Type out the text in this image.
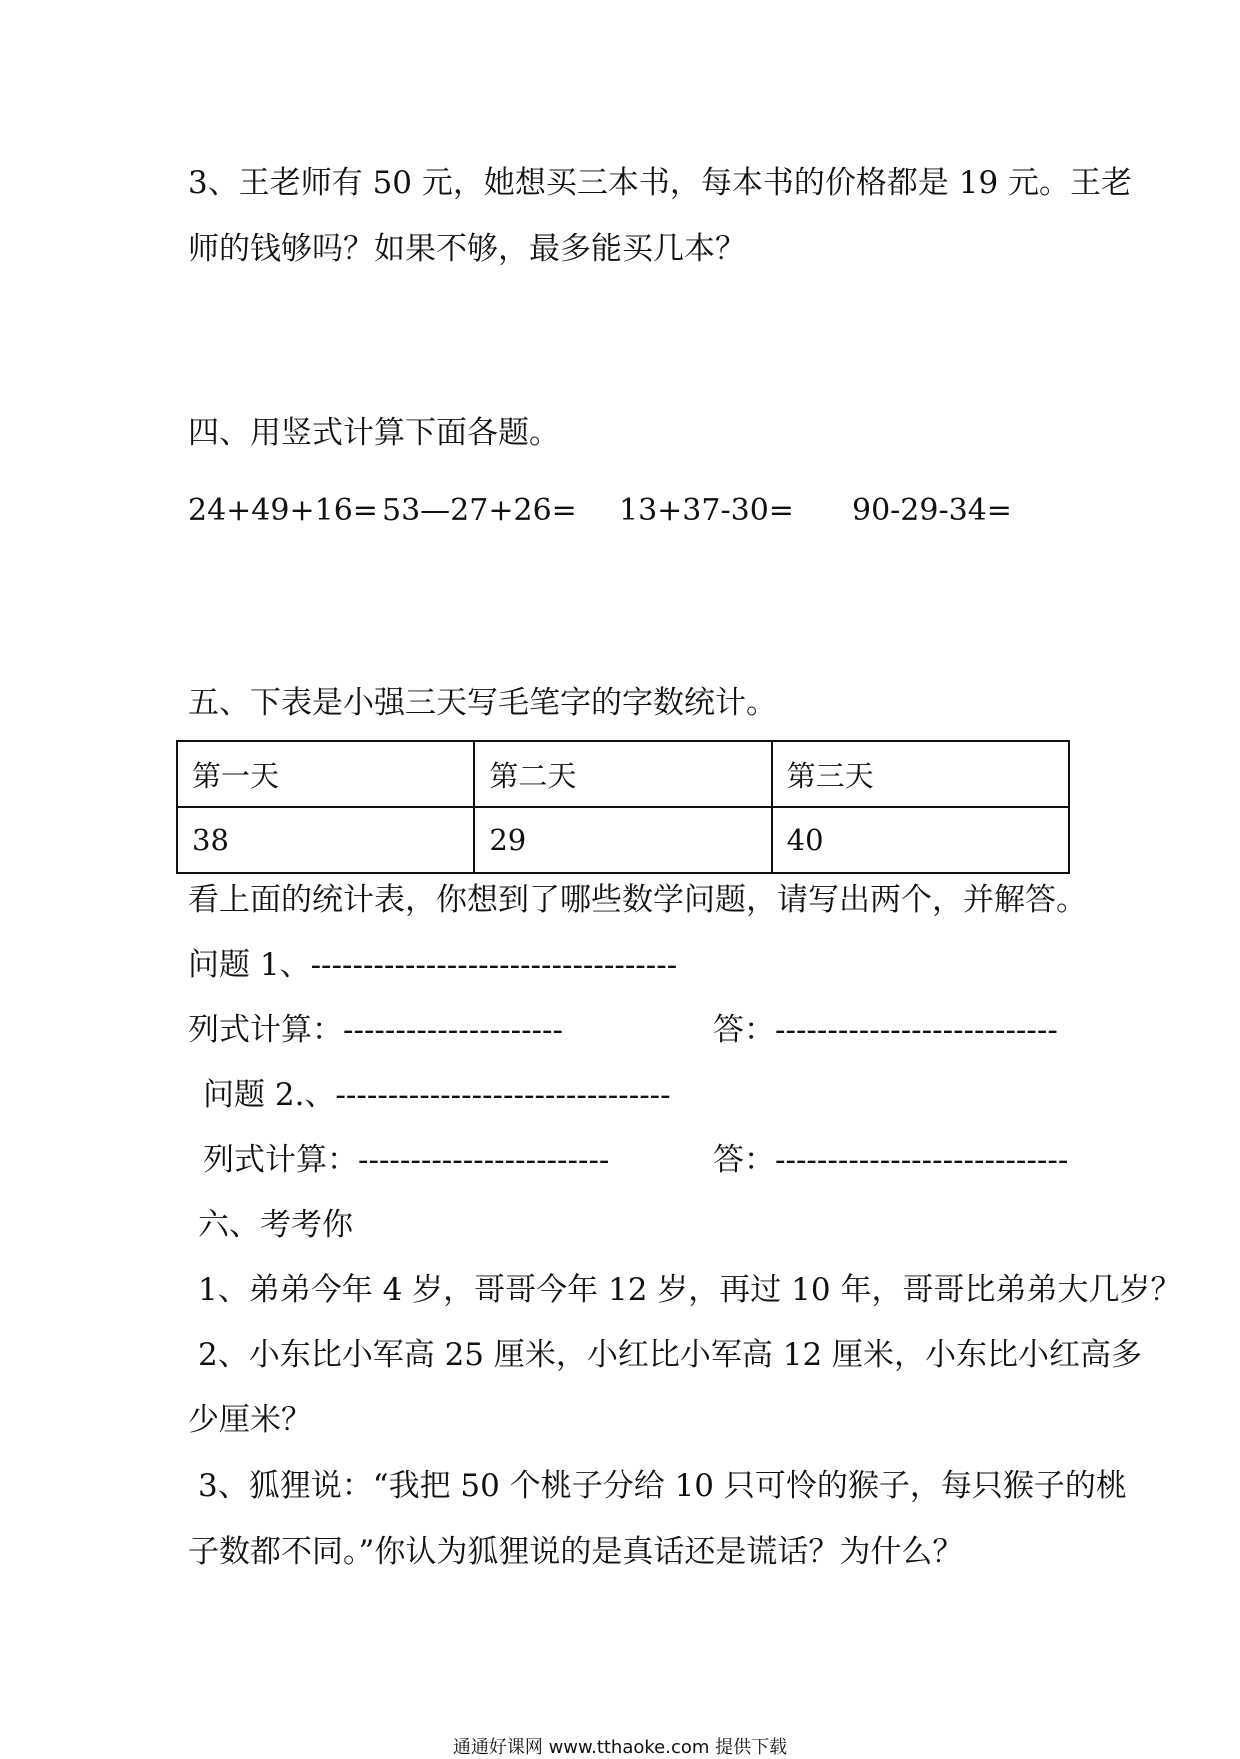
3、王老师有 50 元，她想买三本书，每本书的价格都是 19 元。王老

师的钱够吗？如果不够，最多能买几本？

四、用竖式计算下面各题。

24+49+16= 53—27+26= 13+37-30= 90-29-34=

五、下表是小强三天写毛笔字的字数统计。

第一天	第二天	第三天
38	29	40

看上面的统计表，你想到了哪些数学问题，请写出两个，并解答。

问题 1、-----------------------------------

列式计算：---------------------	答：---------------------------

问题 2.、--------------------------------

列式计算：------------------------	答：----------------------------

六、考考你

1、弟弟今年 4 岁，哥哥今年 12 岁，再过 10 年，哥哥比弟弟大几岁？

2、小东比小军高 25 厘米，小红比小军高 12 厘米，小东比小红高多

少厘米？

3、狐狸说：“我把 50 个桃子分给 10 只可怜的猴子，每只猴子的桃

子数都不同。”你认为狐狸说的是真话还是谎话？为什么？

通通好课网 www.tthaoke.com 提供下载
